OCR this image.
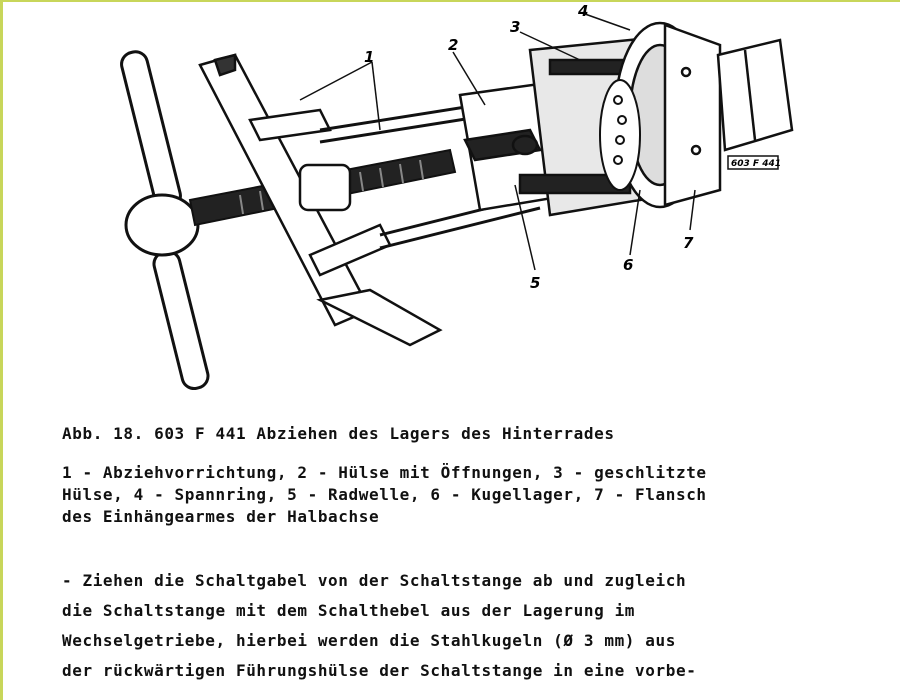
1
2
3
4
5
6
7
603 F 441
Abb. 18. 603 F 441 Abziehen des Lagers des Hinterrades
1 - Abziehvorrichtung, 2 - Hülse mit Öffnungen, 3 - geschlitzte
Hülse, 4 - Spannring, 5 - Radwelle, 6 - Kugellager, 7 - Flansch
des Einhängearmes der Halbachse
- Ziehen die Schaltgabel von der Schaltstange ab und zugleich
die Schaltstange mit dem Schalthebel aus der Lagerung im
Wechselgetriebe, hierbei werden die Stahlkugeln (Ø 3 mm) aus
der rückwärtigen Führungshülse der Schaltstange in eine vorbe-
